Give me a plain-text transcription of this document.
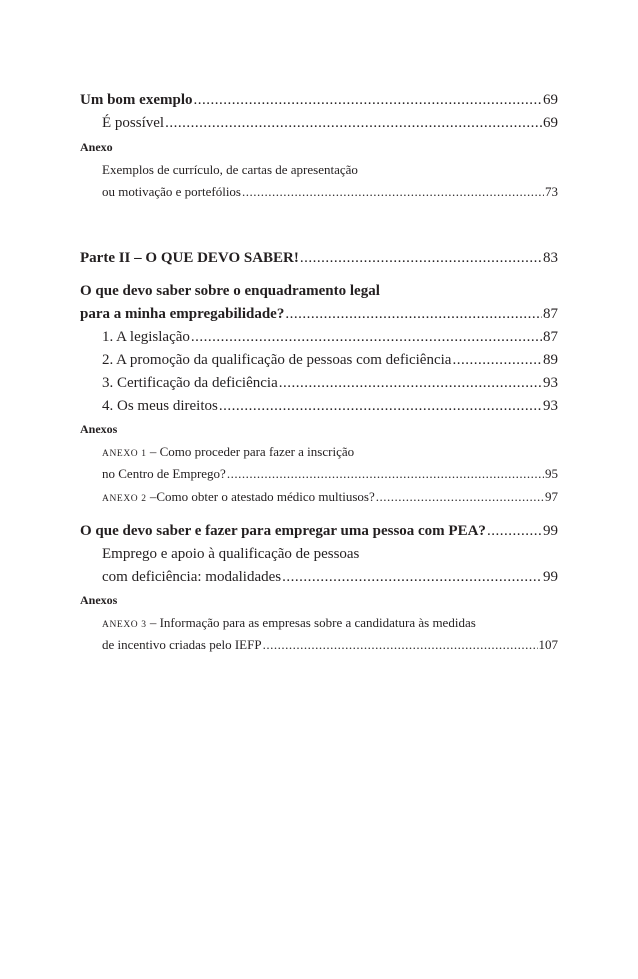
Um bom exemplo .....	69
É possível .....	69
Anexo
Exemplos de currículo, de cartas de apresentação
ou motivação e portefólios .....	73
Parte II – O QUE DEVO SABER! .....	83
O que devo saber sobre o enquadramento legal
para a minha empregabilidade? .....	87
1. A legislação .....	87
2. A promoção da qualificação de pessoas com deficiência .....	89
3. Certificação da deficiência .....	93
4. Os meus direitos .....	93
Anexos
ANEXO 1 – Como proceder para fazer a inscrição
no Centro de Emprego? .....	95
ANEXO 2 –Como obter o atestado médico multiusos? .....	97
O que devo saber e fazer para empregar uma pessoa com PEA? .....	99
Emprego e apoio à qualificação de pessoas
com deficiência: modalidades .....	99
Anexos
ANEXO 3 – Informação para as empresas sobre a candidatura às medidas
de incentivo criadas pelo IEFP .....	107
